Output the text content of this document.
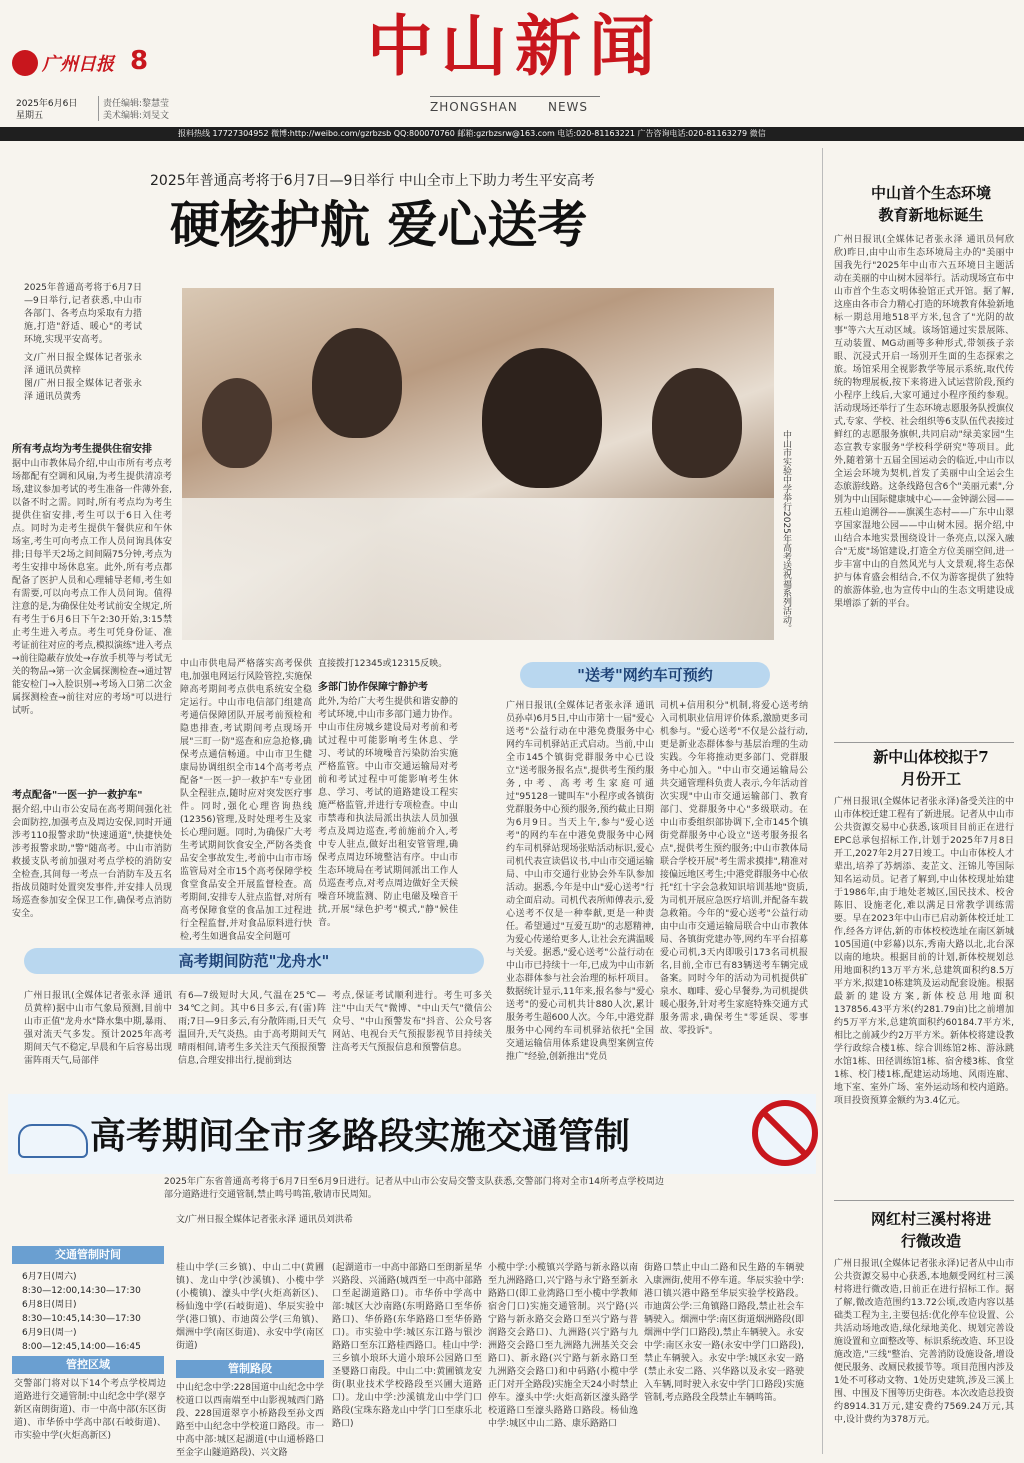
广州日报 8
2025年6月6日
星期五
责任编辑:黎慧莹
美术编辑:刘旻文
中山新闻
ZHONGSHAN	NEWS
报料热线 17727304952 微博:http://weibo.com/gzrbzsb QQ:800070760 邮箱:gzrbzsrw@163.com 电话:020-81163221 广告咨询电话:020-81163279 微信
2025年普通高考将于6月7日—9日举行 中山全市上下助力考生平安高考
硬核护航 爱心送考
2025年普通高考将于6月7日—9日举行,记者获悉,中山市各部门、各考点均采取有力措施,打造"舒适、暖心"的考试环境,实现平安高考。
文/广州日报全媒体记者张永泽 通讯员黄梓
图/广州日报全媒体记者张永泽 通讯员黄秀
中山市实验中学举行2025年高考送祝福系列活动。
所有考点均为考生提供住宿安排
据中山市教体局介绍,中山市所有考点考场都配有空调和风扇,为考生提供清凉考场,建议参加考试的考生准备一件薄外套,以备不时之需。同时,所有考点均为考生提供住宿安排,考生可以于6日入住考点。同时为走考生提供午餐供应和午休场室,考生可向考点工作人员问询具体安排;日每半天2场之间间隔75分钟,考点为考生安排中场休息室。此外,所有考点都配备了医护人员和心理辅导老师,考生如有需要,可以向考点工作人员问询。值得注意的是,为确保住处考试前安全规定,所有考生于6月6日下午2:30开始,3:15禁止考生进入考点。考生可凭身份证、准考证前往对应的考点,模拟演练"进入考点→前往隐蔽存放处→存放手机等与考试无关的物品→第一次金属探测检查→通过智能安检门→入脸识别→考场入口第二次金属探测检查→前往对应的考场"可以进行试听。
考点配备"一医一护一救护车"
据介绍,中山市公安局在高考期间强化社会面防控,加强考点及周边安保,同时开通涉考110报警求助"快速通道",快捷快处涉考报警求助,"警"随高考。中山市消防救援支队考前加强对考点学校的消防安全检查,其间每一考点一台消防车及五名指战员随时处置突发事件,并安排人员现场巡查参加安全保卫工作,确保考点消防安全。
中山市供电局严格落实高考保供电,加强电网运行风险管控,实施保障高考期间考点供电系统安全稳定运行。中山市电信部门组建高考通信保障团队开展考前预检和隐患排查,考试期间考点现场开展"三盯一防"巡查和应急抢修,确保考点通信畅通。中山市卫生健康局协调组织全市14个高考考点配备"一医一护一救护车"专业团队全程驻点,随时应对突发医疗事件。同时,强化心理咨询热线(12356)管理,及时处理考生及家长心理问题。同时,为确保广大考生考试期间饮食安全,严防各类食品安全事故发生,考前中山市市场监管局对全市15个高考保障学校食堂食品安全开展监督检查。高考期间,安排专人驻点监督,对所有高考保障食堂的食品加工过程进行全程监督,并对食品原料进行快检,考生如遇食品安全问题可
直接拨打12345或12315反映。
多部门协作保障宁静护考
此外,为给广大考生提供和谐安静的考试环境,中山市多部门通力协作。中山市住房城乡建设局对考前和考试过程中可能影响考生休息、学习、考试的环境噪音污染防治实施严格监管。中山市交通运输局对考前和考试过程中可能影响考生休息、学习、考试的道路建设工程实施严格监管,并进行专项检查。中山市禁毒和执法局派出执法人员加强考点及周边巡查,考前施前介入,考中专人驻点,做好出租安管管理,确保考点周边环境整洁有序。中山市生态环境局在考试期间派出工作人员巡查考点,对考点周边做好全天候噪音环境监测、防止电磁及噪音干扰,开展"绿色护考"模式,"静"候佳音。
"送考"网约车可预约
广州日报讯(全媒体记者张永泽 通讯员孙卓)6月5日,中山市第十一届"爱心送考"公益行动在中港免费服务中心网约车司机驿站正式启动。当前,中山全市145个镇街党群服务中心已设立"送考服务报名点",提供考生预约服务,中考、高考考生家庭可通过"95128一键叫车"小程序或各镇街党群服务中心预约服务,预约截止日期为6月9日。当天上午,参与"爱心送考"的网约车在中港免费服务中心网约车司机驿站现场张贴活动标识,爱心司机代表宣读倡议书,中山市交通运输局、中山市交通行业协会外车队参加活动。据悉,今年是中山"爱心送考"行动全面启动。司机代表所师傅表示,爱心送考不仅是一种奉献,更是一种责任。希望通过"互爱互助"的志愿精神,为爱心传递给更多人,让社会充满温暖与关爱。据悉,"爱心送考"公益行动在中山市已持续十一年,已成为中山市新业态群体参与社会治理的标杆项目。数据统计显示,11年来,报名参与"爱心送考"的爱心司机共计880人次,累计服务考生超600人次。今年,中港党群服务中心网约车司机驿站依托"全国交通运输信用体系建设典型案例宣传推广"经验,创新推出"党员
司机+信用积分"机制,将爱心送考纳入司机职业信用评价体系,激励更多司机参与。"爱心送考"不仅是公益行动,更是新业态群体参与基层治理的生动实践。今年将推动更多部门、党群服务中心加入。"中山市交通运输局公共交通管理科负责人表示,今年活动首次实现"中山市交通运输部门、教育部门、党群服务中心"多级联动。在中山市委组织部协调下,全市145个镇街党群服务中心设立"送考服务报名点",提供考生预约服务;中山市教体局联合学校开展"考生需求摸排",精准对接偏远地区考生;中港党群服务中心依托"红十字会急救知识培训基地"资质,为司机开展应急医疗培训,并配备车载急救箱。今年的"爱心送考"公益行动由中山市交通运输局联合中山市教体局、各镇街党建办等,网约车平台招募爱心司机,3天内即吸引173名司机报名,目前,全市已有83辆送考车辆完成备案。同时今年的活动为司机提供矿泉水、咖啡、爱心早餐券,为司机提供暖心服务,针对考生家庭特殊交通方式服务需求,确保考生"零延误、零事故、零投诉"。
高考期间防范"龙舟水"
广州日报讯(全媒体记者张永泽 通讯员黄梓)据中山市气象局预测,目前中山市正值"龙舟水"降水集中期,暴雨、强对流天气多发。预计2025年高考期间天气不稳定,早晨和午后容易出现雷阵雨天气,局部伴
有6—7级短时大风,气温在25℃—34℃之间。其中6日多云,有(雷)阵雨;7日—9日多云,有分散阵雨,日天气温回升,天气炎热。由于高考期间天气晴雨相间,请考生多关注天气预报预警信息,合理安排出行,提前到达
考点,保证考试顺利进行。考生可多关注"中山天气"微博、"中山天气"微信公众号、"中山预警发布"抖音、公众号客网站、电视台天气预报影视节目持续关注高考天气预报信息和预警信息。
高考期间全市多路段实施交通管制
2025年广东省普通高考将于6月7日至6月9日进行。记者从中山市公安局交警支队获悉,交警部门将对全市14所考点学校周边部分道路进行交通管制,禁止鸣号鸣笛,敬请市民周知。
文/广州日报全媒体记者张永泽 通讯员刘洪希
交通管制时间
6月7日(周六)
8:30—12:00,14:30—17:30
6月8日(周日)
8:30—10:45,14:30—17:30
6月9日(周一)
8:00—12:45,14:00—16:45
管控区域
交警部门将对以下14个考点学校周边道路进行交通管制:中山纪念中学(翠亨新区南朗街道)、市一中高中部(东区街道)、市华侨中学高中部(石岐街道)、市实验中学(火炬高新区)
桂山中学(三乡镇)、中山二中(黄圃镇)、龙山中学(沙溪镇)、小榄中学(小榄镇)、濠头中学(火炬高新区)、杨仙逸中学(石岐街道)、华辰实验中学(港口镇)、市迪茵公学(三角镇)、烟洲中学(南区街道)、永安中学(南区街道)
管制路段
中山纪念中学:228国道中山纪念中学校道口以西南端至中山影视城西门路段、228国道翠亨小桥路段至孙文西路至中山纪念中学校道口路段。市一中高中部:城区起湖道(中山通桥路口至金字山隧道路段)、兴文路
(起湖道市一中高中部路口至朗新星华兴路段、兴涌路(城西至一中高中部路口至起湖道路口)。市华侨中学高中部:城区大沙南路(东明路路口至华侨路口)、华侨路(东华路路口至华侨路口)。市实验中学:城区东江路与银沙路路口至东江路桂西路口。桂山中学:三乡镇小琅环大道小琅环公园路口至圣婴路口南段。中山二中:黄圃镇龙安街(职业技术学校路段至兴圃大道路口)。龙山中学:沙溪镇龙山中学门口路段(宝珠东路龙山中学门口至康乐北路口)
小榄中学:小榄镇兴学路与新永路以南至九洲路路口,兴宁路与永宁路至新永路路口(即工业湾路口至小榄中学教师宿舍门口)实施交通管制。兴宁路(兴宁路与新永路交会路口至兴宁路与普润路交会路口)、九洲路(兴宁路与九洲路交会路口至九洲路九洲基关交会路口)、新永路(兴宁路与新永路口至九洲路交会路口)和中码路(小榄中学正门对开全路段)实施全天24小时禁止停车。濠头中学:火炬高新区濠头路学校道路口至濠头路路口路段。杨仙逸中学:城区中山二路、康乐路路口
街路口禁止中山二路和民生路的车辆驶入康洲街,使用不停车道。华辰实验中学:港口镇兴港中路至华辰实验学校路段。市迪茵公学:三角镇路口路段,禁止社会车辆驶入。烟洲中学:南区街道烟洲路段(即烟洲中学门口路段),禁止车辆驶入。永安中学:南区永安一路(永安中学门口路段),禁止车辆驶入。永安中学:城区永安一路(禁止永安二路、兴华路以及永安一路驶入车辆,同时驶入永安中学门口路段)实施管制,考点路段全段禁止车辆鸣笛。
中山首个生态环境教育新地标诞生
广州日报讯(全媒体记者张永泽 通讯员何欣欣)昨日,由中山市生态环境局主办的"美丽中国我先行"2025年中山市六五环境日主题活动在美丽的中山树木园举行。活动现场宣布中山市首个生态文明体验馆正式开馆。据了解,这座由各市合力精心打造的环境教育体验新地标一期总用地518平方米,包含了"光阴的故事"等六大互动区域。该场馆通过实景展陈、互动装置、MG动画等多种形式,带领孩子亲眼、沉浸式开启一场別开生面的生态探索之旅。场馆采用全视影教学等展示系统,取代传统的物理展板,按下来将进入试运营阶段,预约小程序上线后,大家可通过小程序预约参观。活动现场还举行了生态环境志愿服务队授旗仪式,专家、学校、社会组织等6支队伍代表接过鲜红的志愿服务旗帜,共同启动"绿美家园"生态宣教专家服务"学校科学研究"等项目。此外,随着第十五届全国运动会的临近,中山市以全运会环境为契机,首发了美丽中山全运会生态旅游线路。这条线路包含6个"美丽元素",分别为中山国际健康城中心——金钟湖公园——五桂山追溯谷——旗溪生态村——广东中山翠亨国家湿地公园——中山树木园。据介绍,中山结合本地实景围绕设计一条亮点,以深入融合"无废"场馆建设,打造全方位美丽空间,进一步丰富中山的自然风光与人文景观,将生态保护与体育盛会相结合,不仅为游客提供了独特的旅游体验,也为宣传中山的生态文明建设成果增添了新的平台。
新中山体校拟于7月份开工
广州日报讯(全媒体记者张永泽)备受关注的中山市体校迁建工程有了新进展。记者从中山市公共资源交易中心获悉,该项目目前正在进行EPC总承包招标工作,计划于2025年7月8日开工,2027年2月27日竣工。中山市体校人才辈出,培养了苏炳添、麦芷文、汪锦儿等国际知名运动员。记者了解到,中山体校现址始建于1986年,由于地处老城区,国民技术、校舍陈旧、设施老化,难以满足日常教学训练需要。早在2023年中山市已启动新体校迁址工作,经各方评估,新的市体校校选址在南区新城105国道(中彩幕)以东,秀南大路以北,北台深以南的地块。根据目前的计划,新体校规划总用地面积约13万平方米,总建筑面积约8.5万平方米,拟建10栋建筑及运动配套设施。根据最新的建设方案,新体校总用地面积137856.43平方米(约281.79亩)比之前增加约5万平方米,总建筑面积约60184.7平方米,相比之前减少约2万平方米。新体校将建设教学行政综合楼1栋、综合训练馆2栋、游泳跳水馆1栋、田径训练馆1栋、宿舍楼3栋、食堂1栋、校门楼1栋,配建运动场地、风雨连廊、地下室、室外广场、室外运动场和校内道路。项目投资预算金额约为3.4亿元。
网红村三溪村将进行微改造
广州日报讯(全媒体记者张永泽)记者从中山市公共资源交易中心获悉,本地颇受网红村三溪村将进行微改造,日前正在进行招标工作。据了解,微改造范围约13.72公顷,改造内容以基础类工程为主,主要包括:优化停车位设置、公共活动场地改造,绿化绿地美化、规划完善设施设置和立面整改等、标识系统改造、环卫设施改造,"三线"整治、完善消防设施设备,增设便民服务、改厕民救援节等。项目范围内涉及1处不可移动文物、1处历史建筑,涉及三溪上围、中围及下围等历史街巷。本次改造总投资约8914.31万元,建安费约7569.24万元,其中,设计费约为378万元。
